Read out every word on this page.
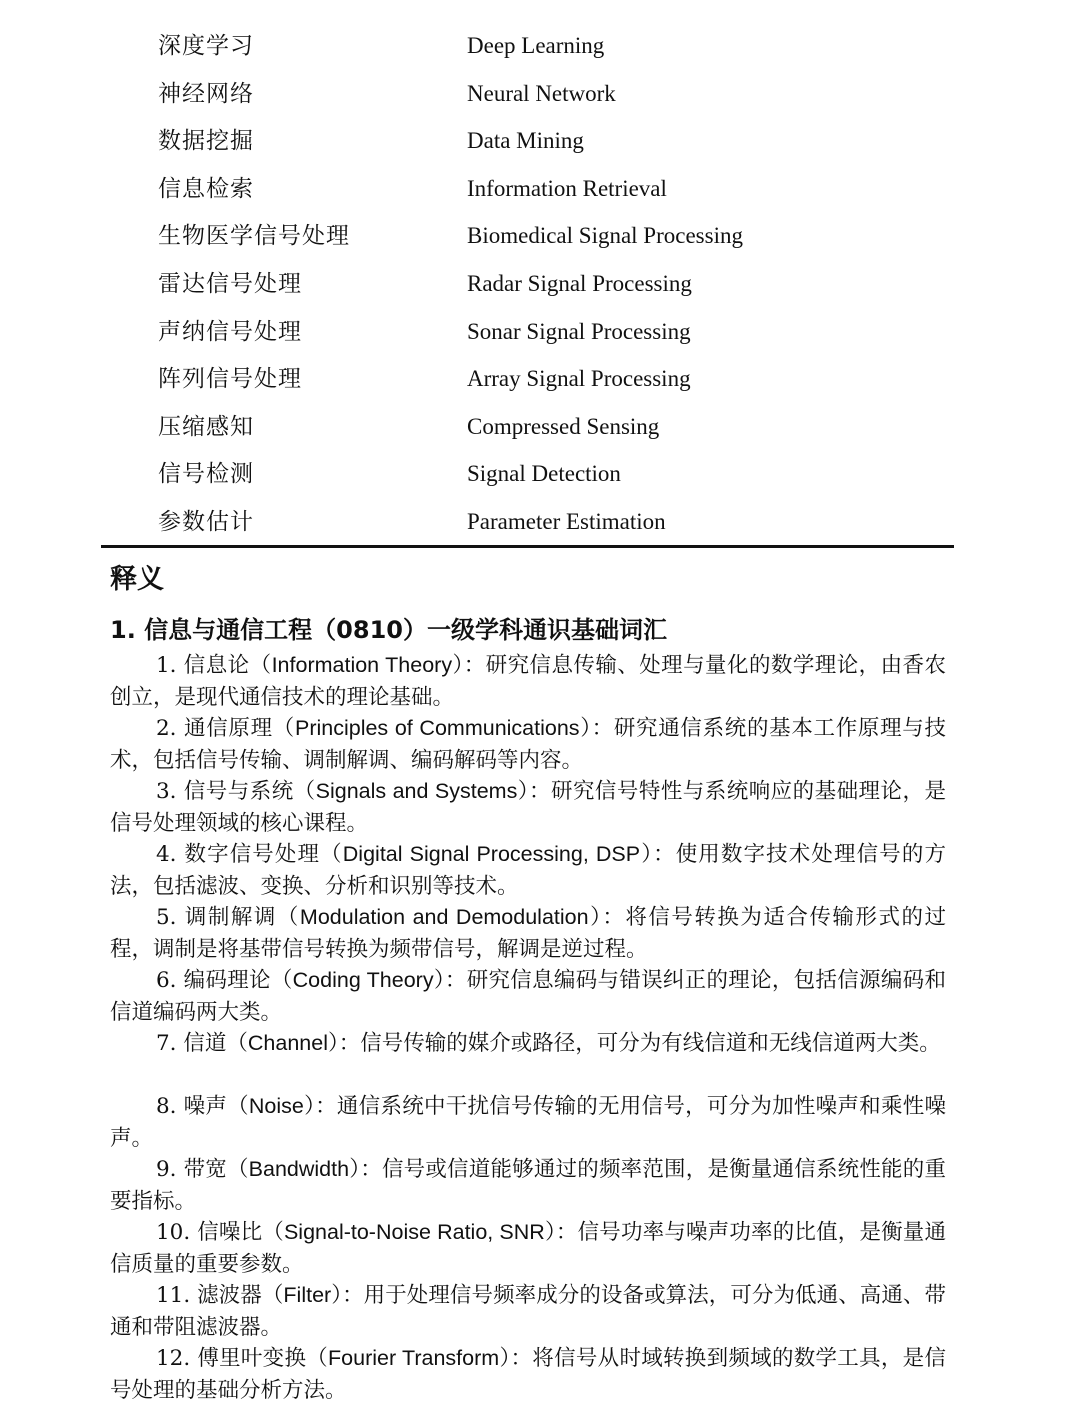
深度学习	Deep Learning
神经网络	Neural Network
数据挖掘	Data Mining
信息检索	Information Retrieval
生物医学信号处理	Biomedical Signal Processing
雷达信号处理	Radar Signal Processing
声纳信号处理	Sonar Signal Processing
阵列信号处理	Array Signal Processing
压缩感知	Compressed Sensing
信号检测	Signal Detection
参数估计	Parameter Estimation
释义
1. 信息与通信工程（0810）一级学科通识基础词汇
1. 信息论（Information Theory）：研究信息传输、处理与量化的数学理论，由香农创立，是现代通信技术的理论基础。
2. 通信原理（Principles of Communications）：研究通信系统的基本工作原理与技术，包括信号传输、调制解调、编码解码等内容。
3. 信号与系统（Signals and Systems）：研究信号特性与系统响应的基础理论，是信号处理领域的核心课程。
4. 数字信号处理（Digital Signal Processing, DSP）：使用数字技术处理信号的方法，包括滤波、变换、分析和识别等技术。
5. 调制解调（Modulation and Demodulation）：将信号转换为适合传输形式的过程，调制是将基带信号转换为频带信号，解调是逆过程。
6. 编码理论（Coding Theory）：研究信息编码与错误纠正的理论，包括信源编码和信道编码两大类。
7. 信道（Channel）：信号传输的媒介或路径，可分为有线信道和无线信道两大类。
8. 噪声（Noise）：通信系统中干扰信号传输的无用信号，可分为加性噪声和乘性噪声。
9. 带宽（Bandwidth）：信号或信道能够通过的频率范围，是衡量通信系统性能的重要指标。
10. 信噪比（Signal-to-Noise Ratio, SNR）：信号功率与噪声功率的比值，是衡量通信质量的重要参数。
11. 滤波器（Filter）：用于处理信号频率成分的设备或算法，可分为低通、高通、带通和带阻滤波器。
12. 傅里叶变换（Fourier Transform）：将信号从时域转换到频域的数学工具，是信号处理的基础分析方法。
